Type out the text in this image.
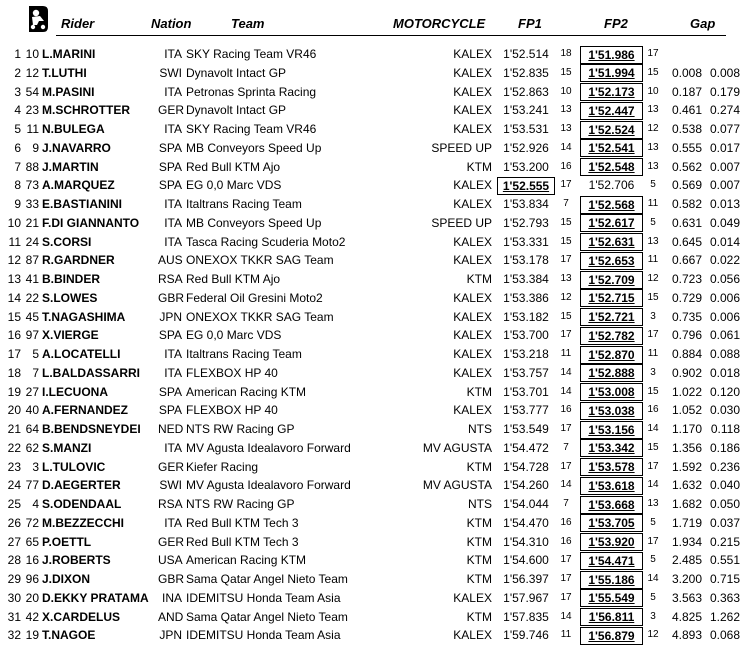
Rider	Nation	Team	MOTORCYCLE	FP1	FP2	Gap
1 10 L.MARINI	ITA SKY Racing Team VR46	KALEX 1'52.514	18	1'51.986	17
2 12 T.LUTHI	SWI Dynavolt Intact GP	KALEX 1'52.835	15	1'51.994	15	0.008 0.008
3 54 M.PASINI	ITA Petronas Sprinta Racing	KALEX 1'52.863	10	1'52.173	10	0.187 0.179
4 23 M.SCHROTTER GER Dynavolt Intact GP	KALEX 1'53.241	13	1'52.447	13	0.461 0.274
5 11 N.BULEGA	ITA SKY Racing Team VR46	KALEX 1'53.531	13	1'52.524	12	0.538 0.077
6 9 J.NAVARRO	SPA MB Conveyors Speed Up	SPEED UP 1'52.926	14	1'52.541	13	0.555 0.017
7 88 J.MARTIN	SPA Red Bull KTM Ajo	KTM 1'53.200	16	1'52.548	13	0.562 0.007
8 73 A.MARQUEZ	SPA EG 0,0 Marc VDS	KALEX 1'52.555	17	1'52.706	5	0.569 0.007
9 33 E.BASTIANINI	ITA Italtrans Racing Team	KALEX 1'53.834	7	1'52.568	11	0.582 0.013
10 21 F.DI GIANNANTO	ITA MB Conveyors Speed Up	SPEED UP 1'52.793	15	1'52.617	5	0.631 0.049
11 24 S.CORSI	ITA Tasca Racing Scuderia Moto2	KALEX 1'53.331	15	1'52.631	13	0.645 0.014
12 87 R.GARDNER	AUS ONEXOX TKKR SAG Team	KALEX 1'53.178	17	1'52.653	11	0.667 0.022
13 41 B.BINDER	RSA Red Bull KTM Ajo	KTM 1'53.384	13	1'52.709	12	0.723 0.056
14 22 S.LOWES	GBR Federal Oil Gresini Moto2	KALEX 1'53.386	12	1'52.715	15	0.729 0.006
15 45 T.NAGASHIMA	JPN ONEXOX TKKR SAG Team	KALEX 1'53.182	15	1'52.721	3	0.735 0.006
16 97 X.VIERGE	SPA EG 0,0 Marc VDS	KALEX 1'53.700	17	1'52.782	17	0.796 0.061
17 5 A.LOCATELLI	ITA Italtrans Racing Team	KALEX 1'53.218	11	1'52.870	11	0.884 0.088
18 7 L.BALDASSARRI	ITA FLEXBOX HP 40	KALEX 1'53.757	14	1'52.888	3	0.902 0.018
19 27 I.LECUONA	SPA American Racing KTM	KTM 1'53.701	14	1'53.008	15	1.022 0.120
20 40 A.FERNANDEZ	SPA FLEXBOX HP 40	KALEX 1'53.777	16	1'53.038	16	1.052 0.030
21 64 B.BENDSNEYDEI NED NTS RW Racing GP	NTS 1'53.549	17	1'53.156	14	1.170 0.118
22 62 S.MANZI	ITA MV Agusta Idealavoro Forward	MV AGUSTA 1'54.472	7	1'53.342	15	1.356 0.186
23 3 L.TULOVIC	GER Kiefer Racing	KTM 1'54.728	17	1'53.578	17	1.592 0.236
24 77 D.AEGERTER	SWI MV Agusta Idealavoro Forward	MV AGUSTA 1'54.260	14	1'53.618	14	1.632 0.040
25 4 S.ODENDAAL	RSA NTS RW Racing GP	NTS 1'54.044	7	1'53.668	13	1.682 0.050
26 72 M.BEZZECCHI	ITA Red Bull KTM Tech 3	KTM 1'54.470	16	1'53.705	5	1.719 0.037
27 65 P.OETTL	GER Red Bull KTM Tech 3	KTM 1'54.310	16	1'53.920	17	1.934 0.215
28 16 J.ROBERTS	USA American Racing KTM	KTM 1'54.600	17	1'54.471	5	2.485 0.551
29 96 J.DIXON	GBR Sama Qatar Angel Nieto Team	KTM 1'56.397	17	1'55.186	14	3.200 0.715
30 20 D.EKKY PRATAMA	INA IDEMITSU Honda Team Asia	KALEX 1'57.967	17	1'55.549	5	3.563 0.363
31 42 X.CARDELUS	AND Sama Qatar Angel Nieto Team	KTM 1'57.835	14	1'56.811	3	4.825 1.262
32 19 T.NAGOE	JPN IDEMITSU Honda Team Asia	KALEX 1'59.746	11	1'56.879	12	4.893 0.068
